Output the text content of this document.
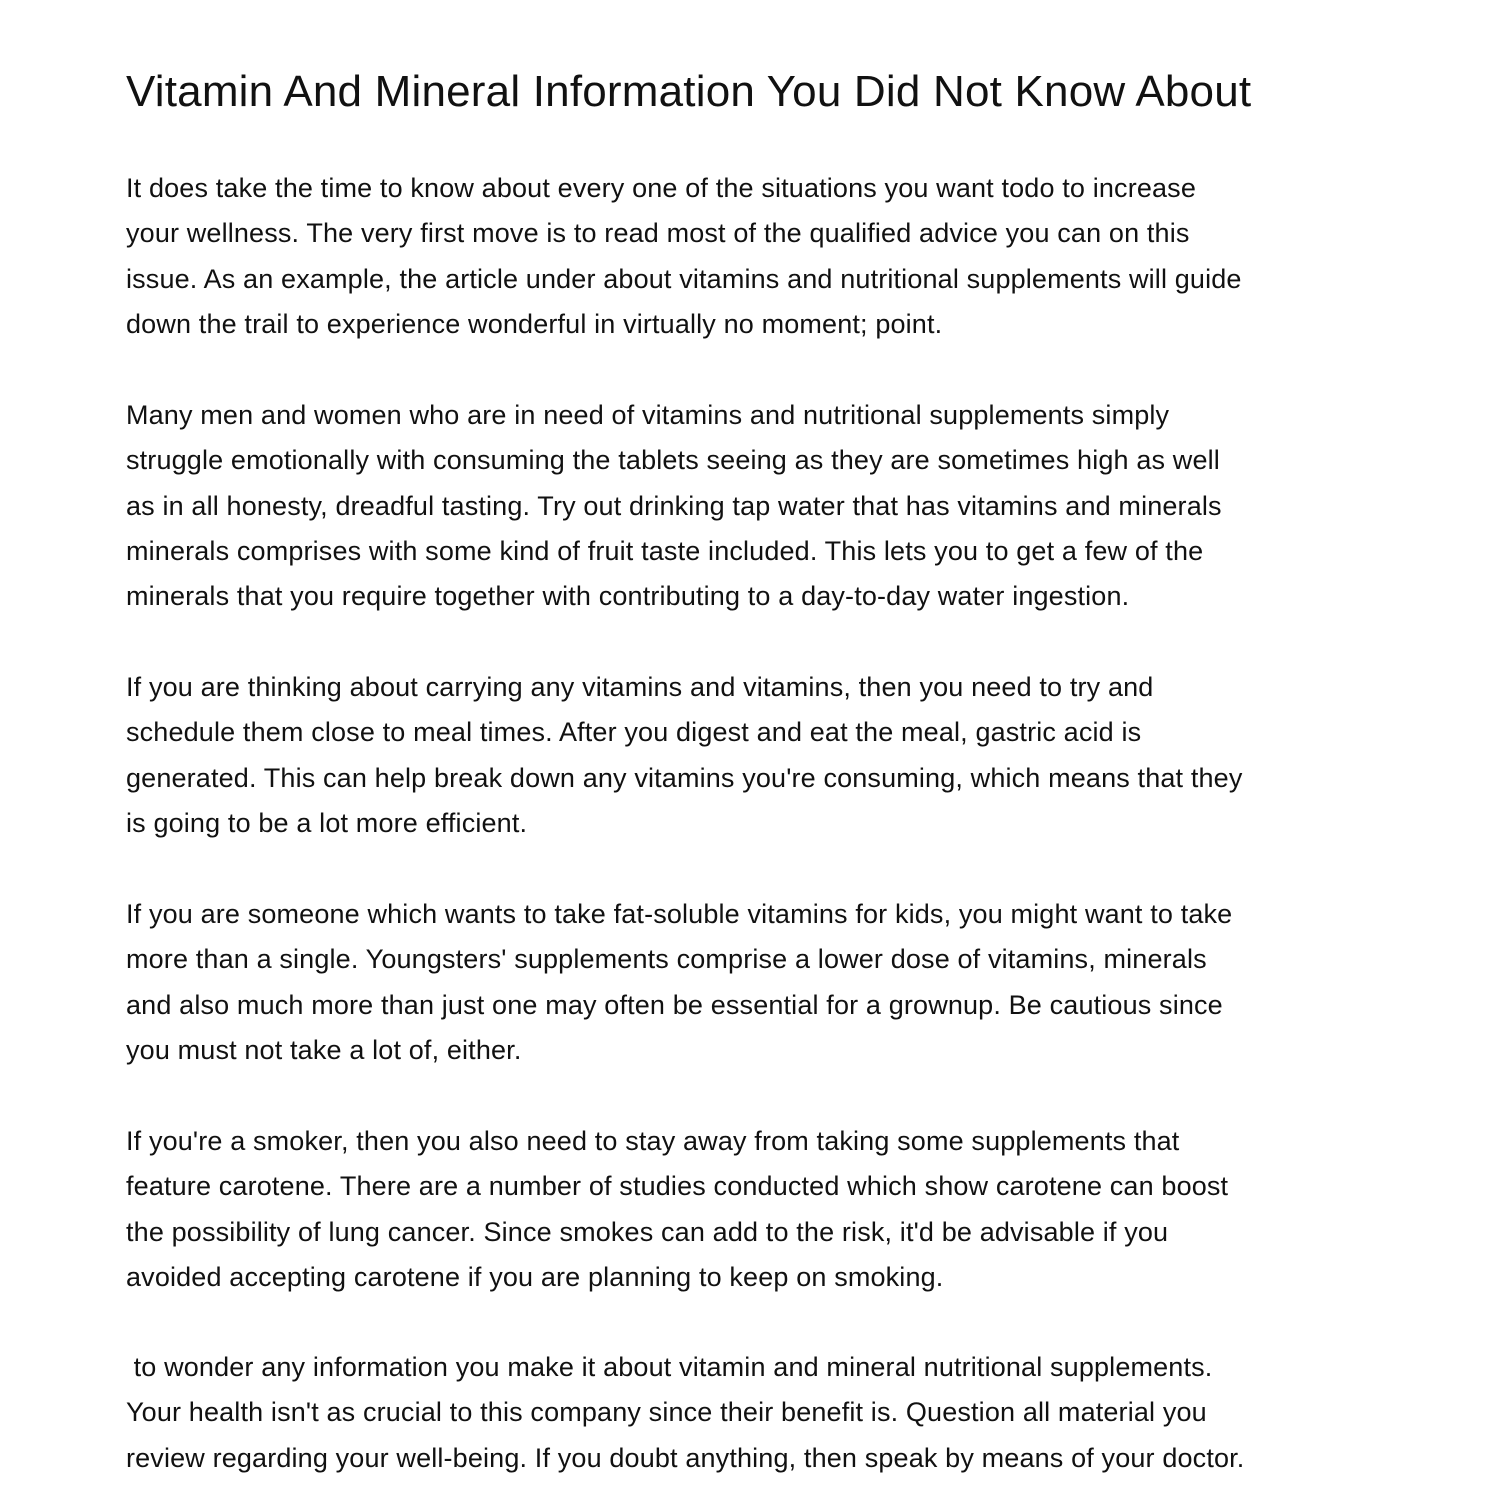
Vitamin And Mineral Information You Did Not Know About

It does take the time to know about every one of the situations you want todo to increase
your wellness. The very first move is to read most of the qualified advice you can on this
issue. As an example, the article under about vitamins and nutritional supplements will guide
down the trail to experience wonderful in virtually no moment; point.

Many men and women who are in need of vitamins and nutritional supplements simply
struggle emotionally with consuming the tablets seeing as they are sometimes high as well
as in all honesty, dreadful tasting. Try out drinking tap water that has vitamins and minerals
minerals comprises with some kind of fruit taste included. This lets you to get a few of the
minerals that you require together with contributing to a day-to-day water ingestion.

If you are thinking about carrying any vitamins and vitamins, then you need to try and
schedule them close to meal times. After you digest and eat the meal, gastric acid is
generated. This can help break down any vitamins you're consuming, which means that they
is going to be a lot more efficient.

If you are someone which wants to take fat-soluble vitamins for kids, you might want to take
more than a single. Youngsters' supplements comprise a lower dose of vitamins, minerals
and also much more than just one may often be essential for a grownup. Be cautious since
you must not take a lot of, either.

If you're a smoker, then you also need to stay away from taking some supplements that
feature carotene. There are a number of studies conducted which show carotene can boost
the possibility of lung cancer. Since smokes can add to the risk, it'd be advisable if you
avoided accepting carotene if you are planning to keep on smoking.

to wonder any information you make it about vitamin and mineral nutritional supplements.
Your health isn't as crucial to this company since their benefit is. Question all material you
review regarding your well-being. If you doubt anything, then speak by means of your doctor.
